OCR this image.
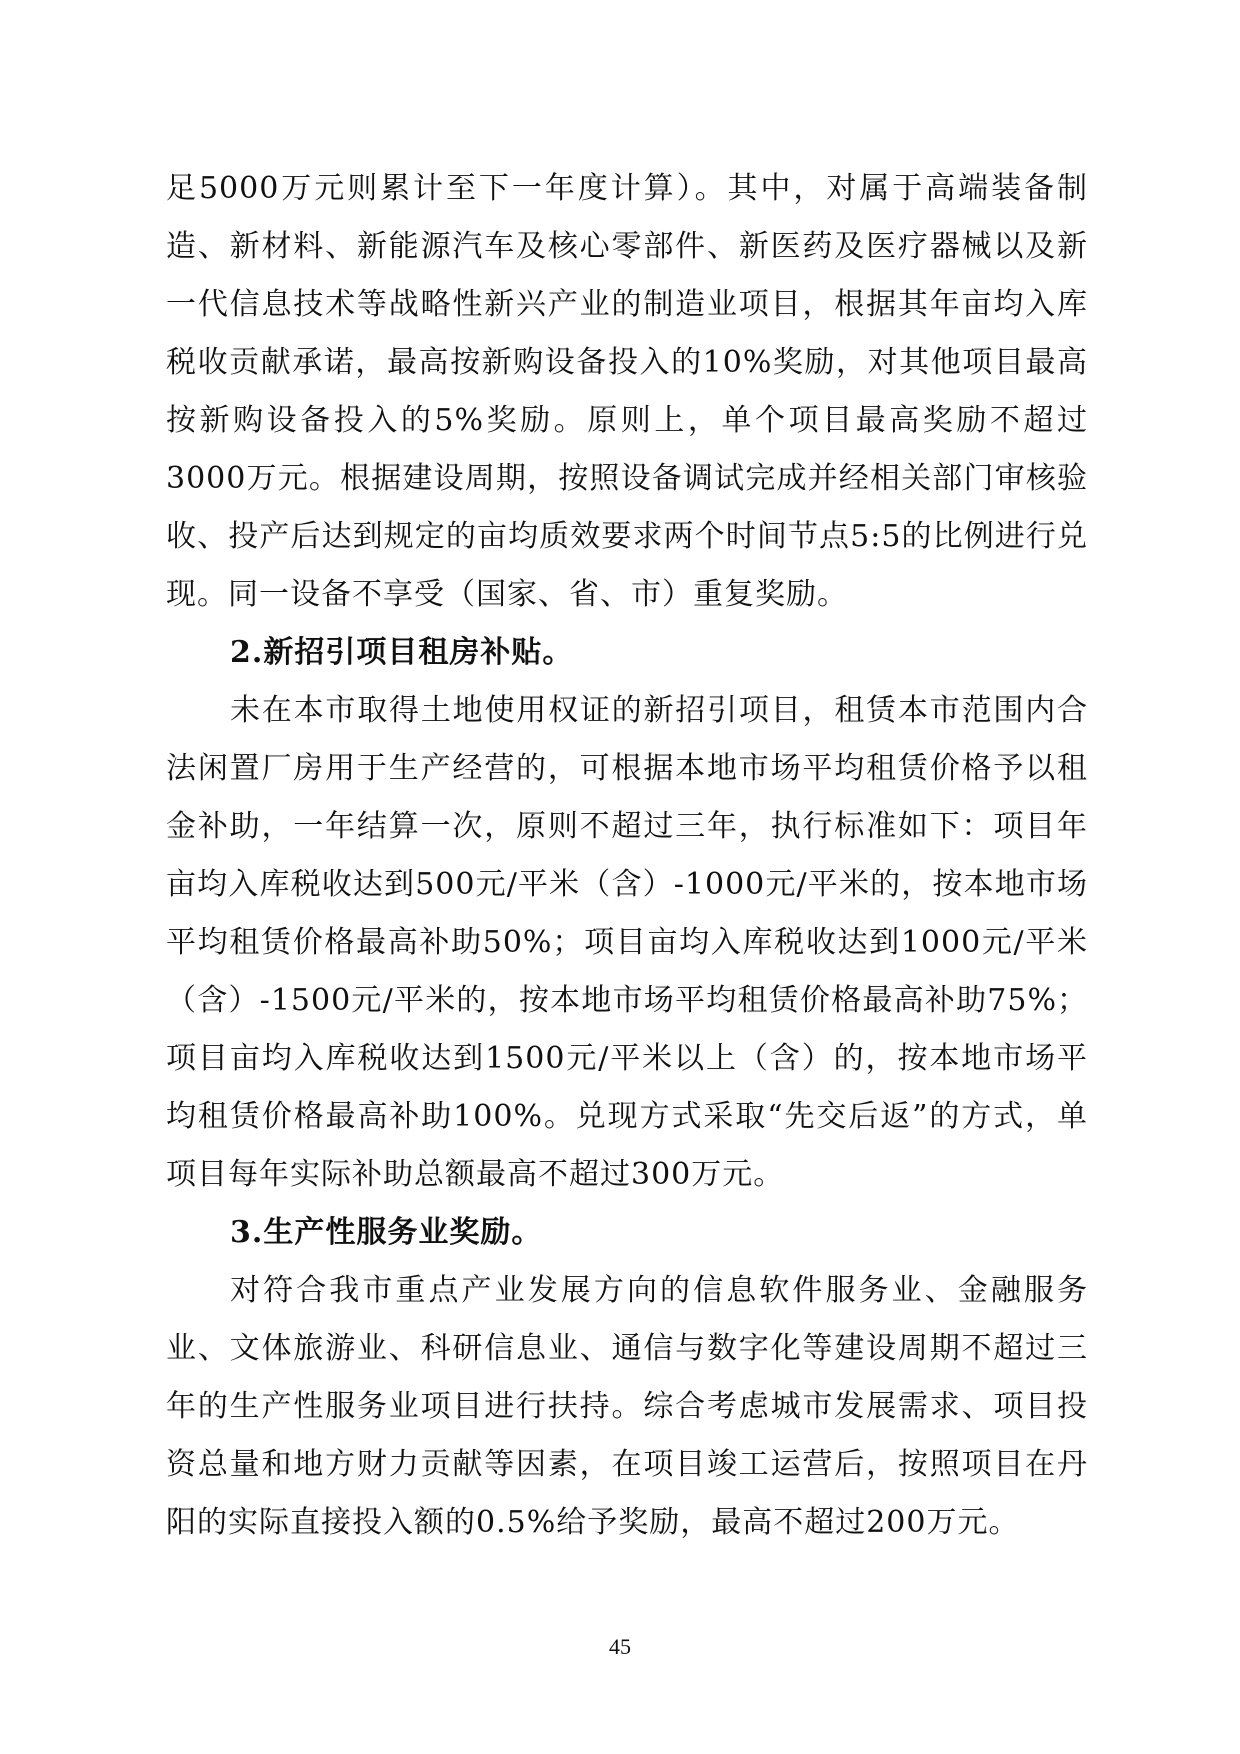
足5000万元则累计至下一年度计算）。其中，对属于高端装备制造、新材料、新能源汽车及核心零部件、新医药及医疗器械以及新一代信息技术等战略性新兴产业的制造业项目，根据其年亩均入库税收贡献承诺，最高按新购设备投入的10%奖励，对其他项目最高按新购设备投入的5%奖励。原则上，单个项目最高奖励不超过3000万元。根据建设周期，按照设备调试完成并经相关部门审核验收、投产后达到规定的亩均质效要求两个时间节点5:5的比例进行兑现。同一设备不享受（国家、省、市）重复奖励。

2.新招引项目租房补贴。

未在本市取得土地使用权证的新招引项目，租赁本市范围内合法闲置厂房用于生产经营的，可根据本地市场平均租赁价格予以租金补助，一年结算一次，原则不超过三年，执行标准如下：项目年亩均入库税收达到500元/平米（含）-1000元/平米的，按本地市场平均租赁价格最高补助50%；项目亩均入库税收达到1000元/平米（含）-1500元/平米的，按本地市场平均租赁价格最高补助75%；项目亩均入库税收达到1500元/平米以上（含）的，按本地市场平均租赁价格最高补助100%。兑现方式采取“先交后返”的方式，单项目每年实际补助总额最高不超过300万元。

3.生产性服务业奖励。

对符合我市重点产业发展方向的信息软件服务业、金融服务业、文体旅游业、科研信息业、通信与数字化等建设周期不超过三年的生产性服务业项目进行扶持。综合考虑城市发展需求、项目投资总量和地方财力贡献等因素，在项目竣工运营后，按照项目在丹阳的实际直接投入额的0.5%给予奖励，最高不超过200万元。

45
